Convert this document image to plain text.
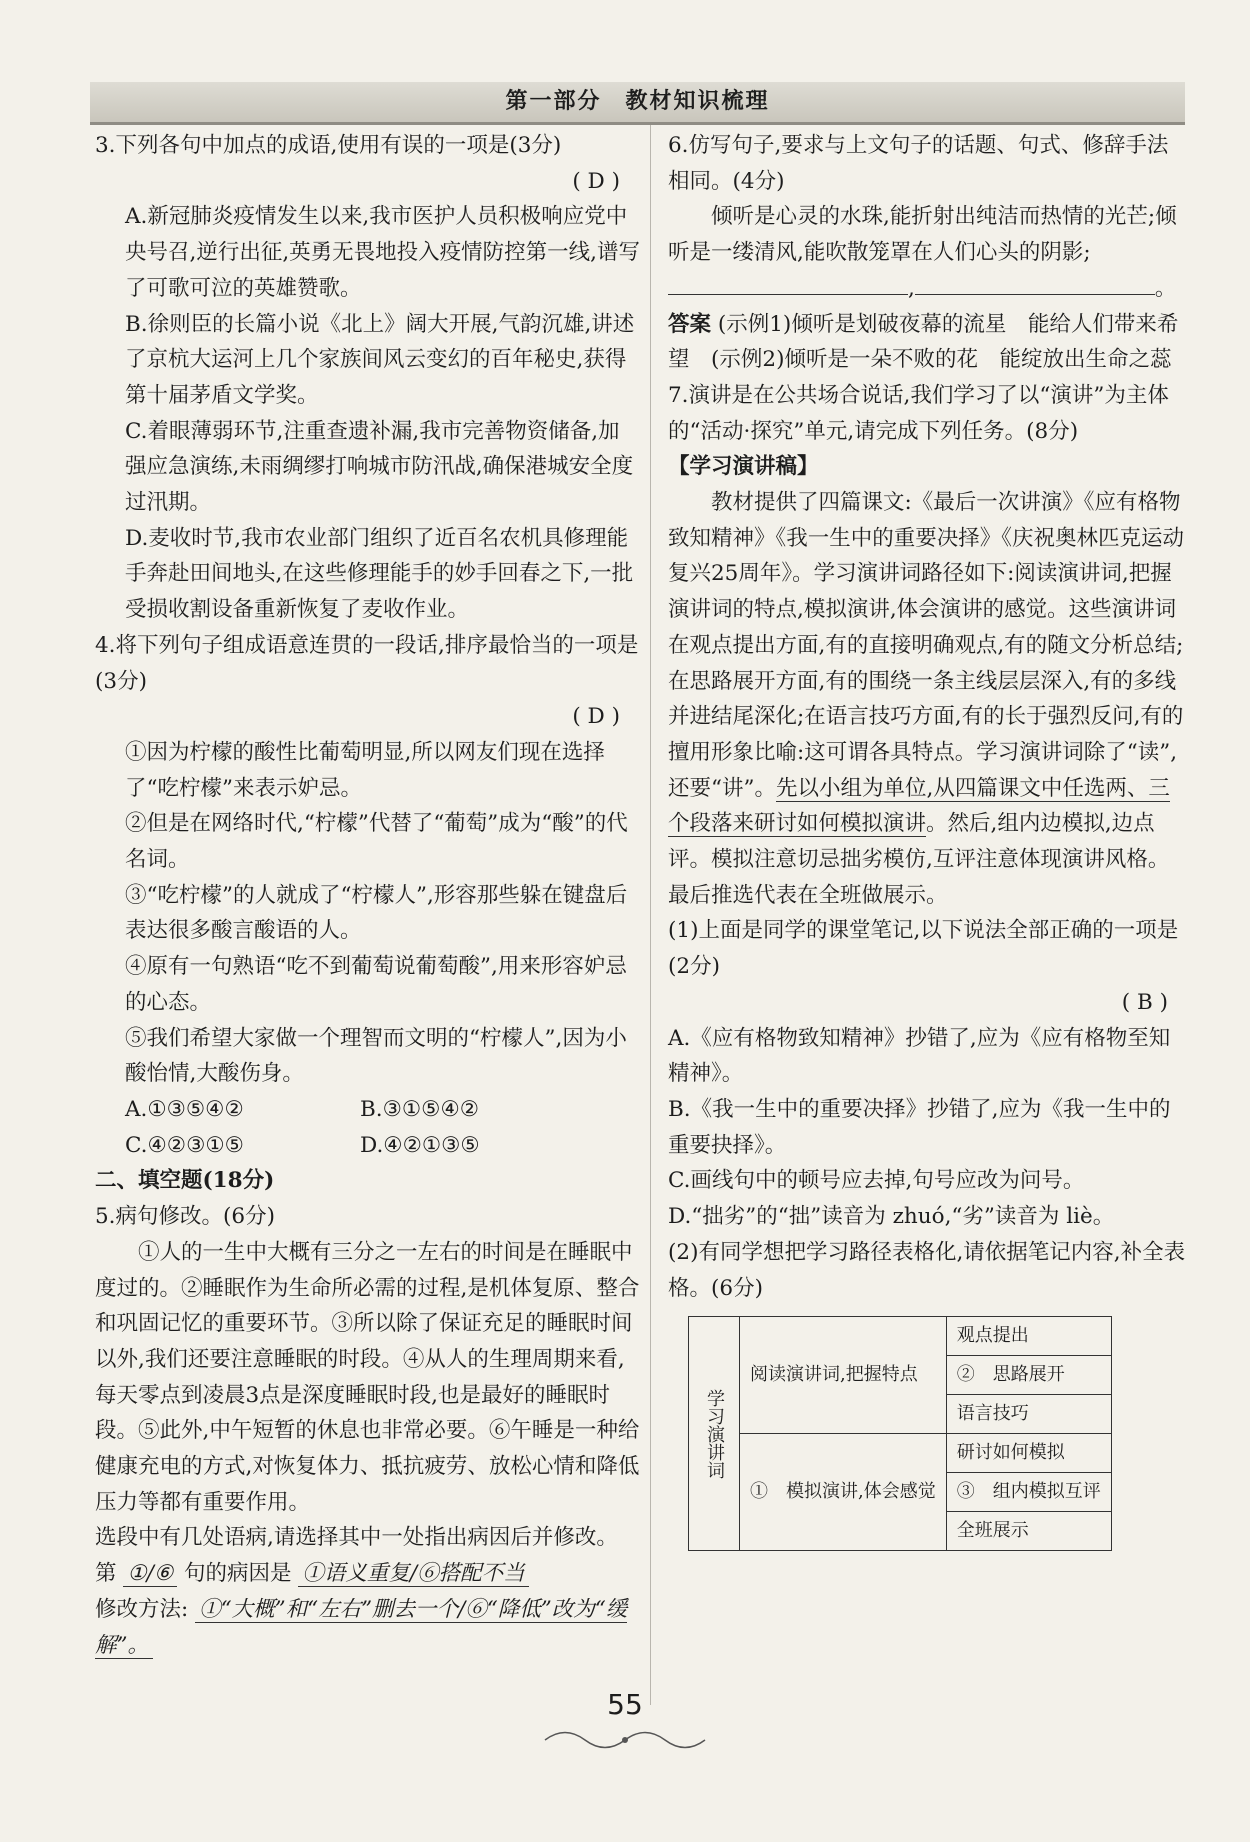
第一部分　教材知识梳理

3.下列各句中加点的成语,使用有误的一项是(3分)

( D )

A.新冠肺炎疫情发生以来,我市医护人员积极响应党中央号召,逆行出征,英勇无畏地投入疫情防控第一线,谱写了可歌可泣的英雄赞歌。

B.徐则臣的长篇小说《北上》阔大开展,气韵沉雄,讲述了京杭大运河上几个家族间风云变幻的百年秘史,获得第十届茅盾文学奖。

C.着眼薄弱环节,注重查遗补漏,我市完善物资储备,加强应急演练,未雨绸缪打响城市防汛战,确保港城安全度过汛期。

D.麦收时节,我市农业部门组织了近百名农机具修理能手奔赴田间地头,在这些修理能手的妙手回春之下,一批受损收割设备重新恢复了麦收作业。

4.将下列句子组成语意连贯的一段话,排序最恰当的一项是(3分)

( D )

①因为柠檬的酸性比葡萄明显,所以网友们现在选择了“吃柠檬”来表示妒忌。

②但是在网络时代,“柠檬”代替了“葡萄”成为“酸”的代名词。

③“吃柠檬”的人就成了“柠檬人”,形容那些躲在键盘后表达很多酸言酸语的人。

④原有一句熟语“吃不到葡萄说葡萄酸”,用来形容妒忌的心态。

⑤我们希望大家做一个理智而文明的“柠檬人”,因为小酸怡情,大酸伤身。

A.①③⑤④②	B.③①⑤④②
C.④②③①⑤	D.④②①③⑤

二、填空题(18分)

5.病句修改。(6分)

①人的一生中大概有三分之一左右的时间是在睡眠中度过的。②睡眠作为生命所必需的过程,是机体复原、整合和巩固记忆的重要环节。③所以除了保证充足的睡眠时间以外,我们还要注意睡眠的时段。④从人的生理周期来看,每天零点到凌晨3点是深度睡眠时段,也是最好的睡眠时段。⑤此外,中午短暂的休息也非常必要。⑥午睡是一种给健康充电的方式,对恢复体力、抵抗疲劳、放松心情和降低压力等都有重要作用。

选段中有几处语病,请选择其中一处指出病因后并修改。

第 ①/⑥ 句的病因是 ①语义重复/⑥搭配不当

修改方法: ①“大概”和“左右”删去一个/⑥“降低”改为“缓解”。

6.仿写句子,要求与上文句子的话题、句式、修辞手法相同。(4分)

倾听是心灵的水珠,能折射出纯洁而热情的光芒;倾听是一缕清风,能吹散笼罩在人们心头的阴影;,	。

答案 (示例1)倾听是划破夜幕的流星　能给人们带来希望　(示例2)倾听是一朵不败的花　能绽放出生命之蕊

7.演讲是在公共场合说话,我们学习了以“演讲”为主体的“活动·探究”单元,请完成下列任务。(8分)

【学习演讲稿】

教材提供了四篇课文:《最后一次讲演》《应有格物致知精神》《我一生中的重要决择》《庆祝奥林匹克运动复兴25周年》。学习演讲词路径如下:阅读演讲词,把握演讲词的特点,模拟演讲,体会演讲的感觉。这些演讲词在观点提出方面,有的直接明确观点,有的随文分析总结;在思路展开方面,有的围绕一条主线层层深入,有的多线并进结尾深化;在语言技巧方面,有的长于强烈反问,有的擅用形象比喻:这可谓各具特点。学习演讲词除了“读”,还要“讲”。先以小组为单位,从四篇课文中任选两、三个段落来研讨如何模拟演讲。然后,组内边模拟,边点评。模拟注意切忌拙劣模仿,互评注意体现演讲风格。最后推选代表在全班做展示。

(1)上面是同学的课堂笔记,以下说法全部正确的一项是(2分)

( B )

A.《应有格物致知精神》抄错了,应为《应有格物至知精神》。

B.《我一生中的重要决择》抄错了,应为《我一生中的重要抉择》。

C.画线句中的顿号应去掉,句号应改为问号。

D.“拙劣”的“拙”读音为 zhuó,“劣”读音为 liè。

(2)有同学想把学习路径表格化,请依据笔记内容,补全表格。(6分)

学习演讲词	阅读演讲词,把握特点	观点提出
		②　思路展开
		语言技巧
	①　模拟演讲,体会感觉	研讨如何模拟
		③　组内模拟互评
		全班展示
55
